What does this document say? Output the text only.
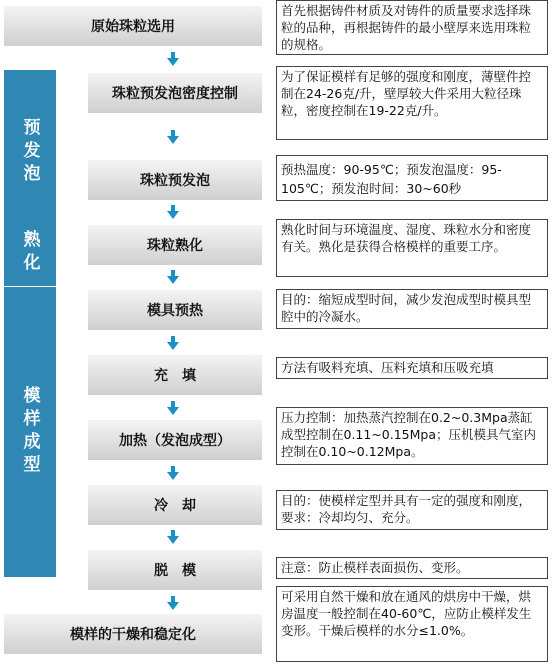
预发泡
熟化
模样成型
原始珠粒选用
珠粒预发泡密度控制
珠粒预发泡
珠粒熟化
模具预热
充　填
加热（发泡成型）
冷　却
脱　模
模样的干燥和稳定化
首先根据铸件材质及对铸件的质量要求选择珠粒的品种，再根据铸件的最小壁厚来选用珠粒的规格。
为了保证模样有足够的强度和刚度，薄壁件控制在24-26克/升，壁厚较大件采用大粒径珠粒，密度控制在19-22克/升。
预热温度：90-95℃；预发泡温度：95-105℃；预发泡时间：30~60秒
熟化时间与环境温度、湿度、珠粒水分和密度有关。熟化是获得合格模样的重要工序。
目的：缩短成型时间，减少发泡成型时模具型腔中的冷凝水。
方法有吸料充填、压料充填和压吸充填
压力控制：加热蒸汽控制在0.2~0.3Mpa蒸缸成型控制在0.11~0.15Mpa；压机模具气室内控制在0.10~0.12Mpa。
目的：使模样定型并具有一定的强度和刚度，要求：冷却均匀、充分。
注意：防止模样表面损伤、变形。
可采用自然干燥和放在通风的烘房中干燥，烘房温度一般控制在40-60℃，应防止模样发生变形。干燥后模样的水分≤1.0%。
